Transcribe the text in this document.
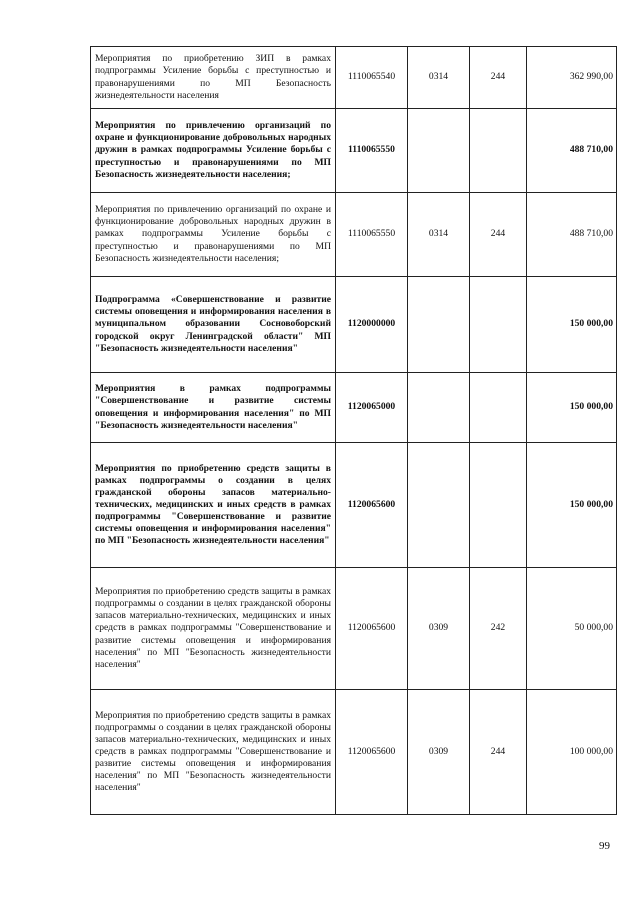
Мероприятия по приобретению ЗИП в рамках подпрограммы Усиление борьбы с преступностью и правонарушениями по МП Безопасность жизнедеятельности населения	1110065540	0314	244	362 990,00
Мероприятия по привлечению организаций по охране и функционирование добровольных народных дружин в рамках подпрограммы Усиление борьбы с преступностью и правонарушениями по МП Безопасность жизнедеятельности населения;	1110065550			488 710,00
Мероприятия по привлечению организаций по охране и функционирование добровольных народных дружин в рамках подпрограммы Усиление борьбы с преступностью и правонарушениями по МП Безопасность жизнедеятельности населения;	1110065550	0314	244	488 710,00
Подпрограмма «Совершенствование и развитие системы оповещения и информирования населения в муниципальном образовании Сосновоборский городской округ Ленинградской области" МП "Безопасность жизнедеятельности населения"	1120000000			150 000,00
Мероприятия в рамках подпрограммы "Совершенствование и развитие системы оповещения и информирования населения" по МП "Безопасность жизнедеятельности населения"	1120065000			150 000,00
Мероприятия по приобретению средств защиты в рамках подпрограммы о создании в целях гражданской обороны запасов материально-технических, медицинских и иных средств в рамках подпрограммы "Совершенствование и развитие системы оповещения и информирования населения" по МП "Безопасность жизнедеятельности населения"	1120065600			150 000,00
Мероприятия по приобретению средств защиты в рамках подпрограммы о создании в целях гражданской обороны запасов материально-технических, медицинских и иных средств в рамках подпрограммы "Совершенствование и развитие системы оповещения и информирования населения" по МП "Безопасность жизнедеятельности населения"	1120065600	0309	242	50 000,00
Мероприятия по приобретению средств защиты в рамках подпрограммы о создании в целях гражданской обороны запасов материально-технических, медицинских и иных средств в рамках подпрограммы "Совершенствование и развитие системы оповещения и информирования населения" по МП "Безопасность жизнедеятельности населения"	1120065600	0309	244	100 000,00
99
